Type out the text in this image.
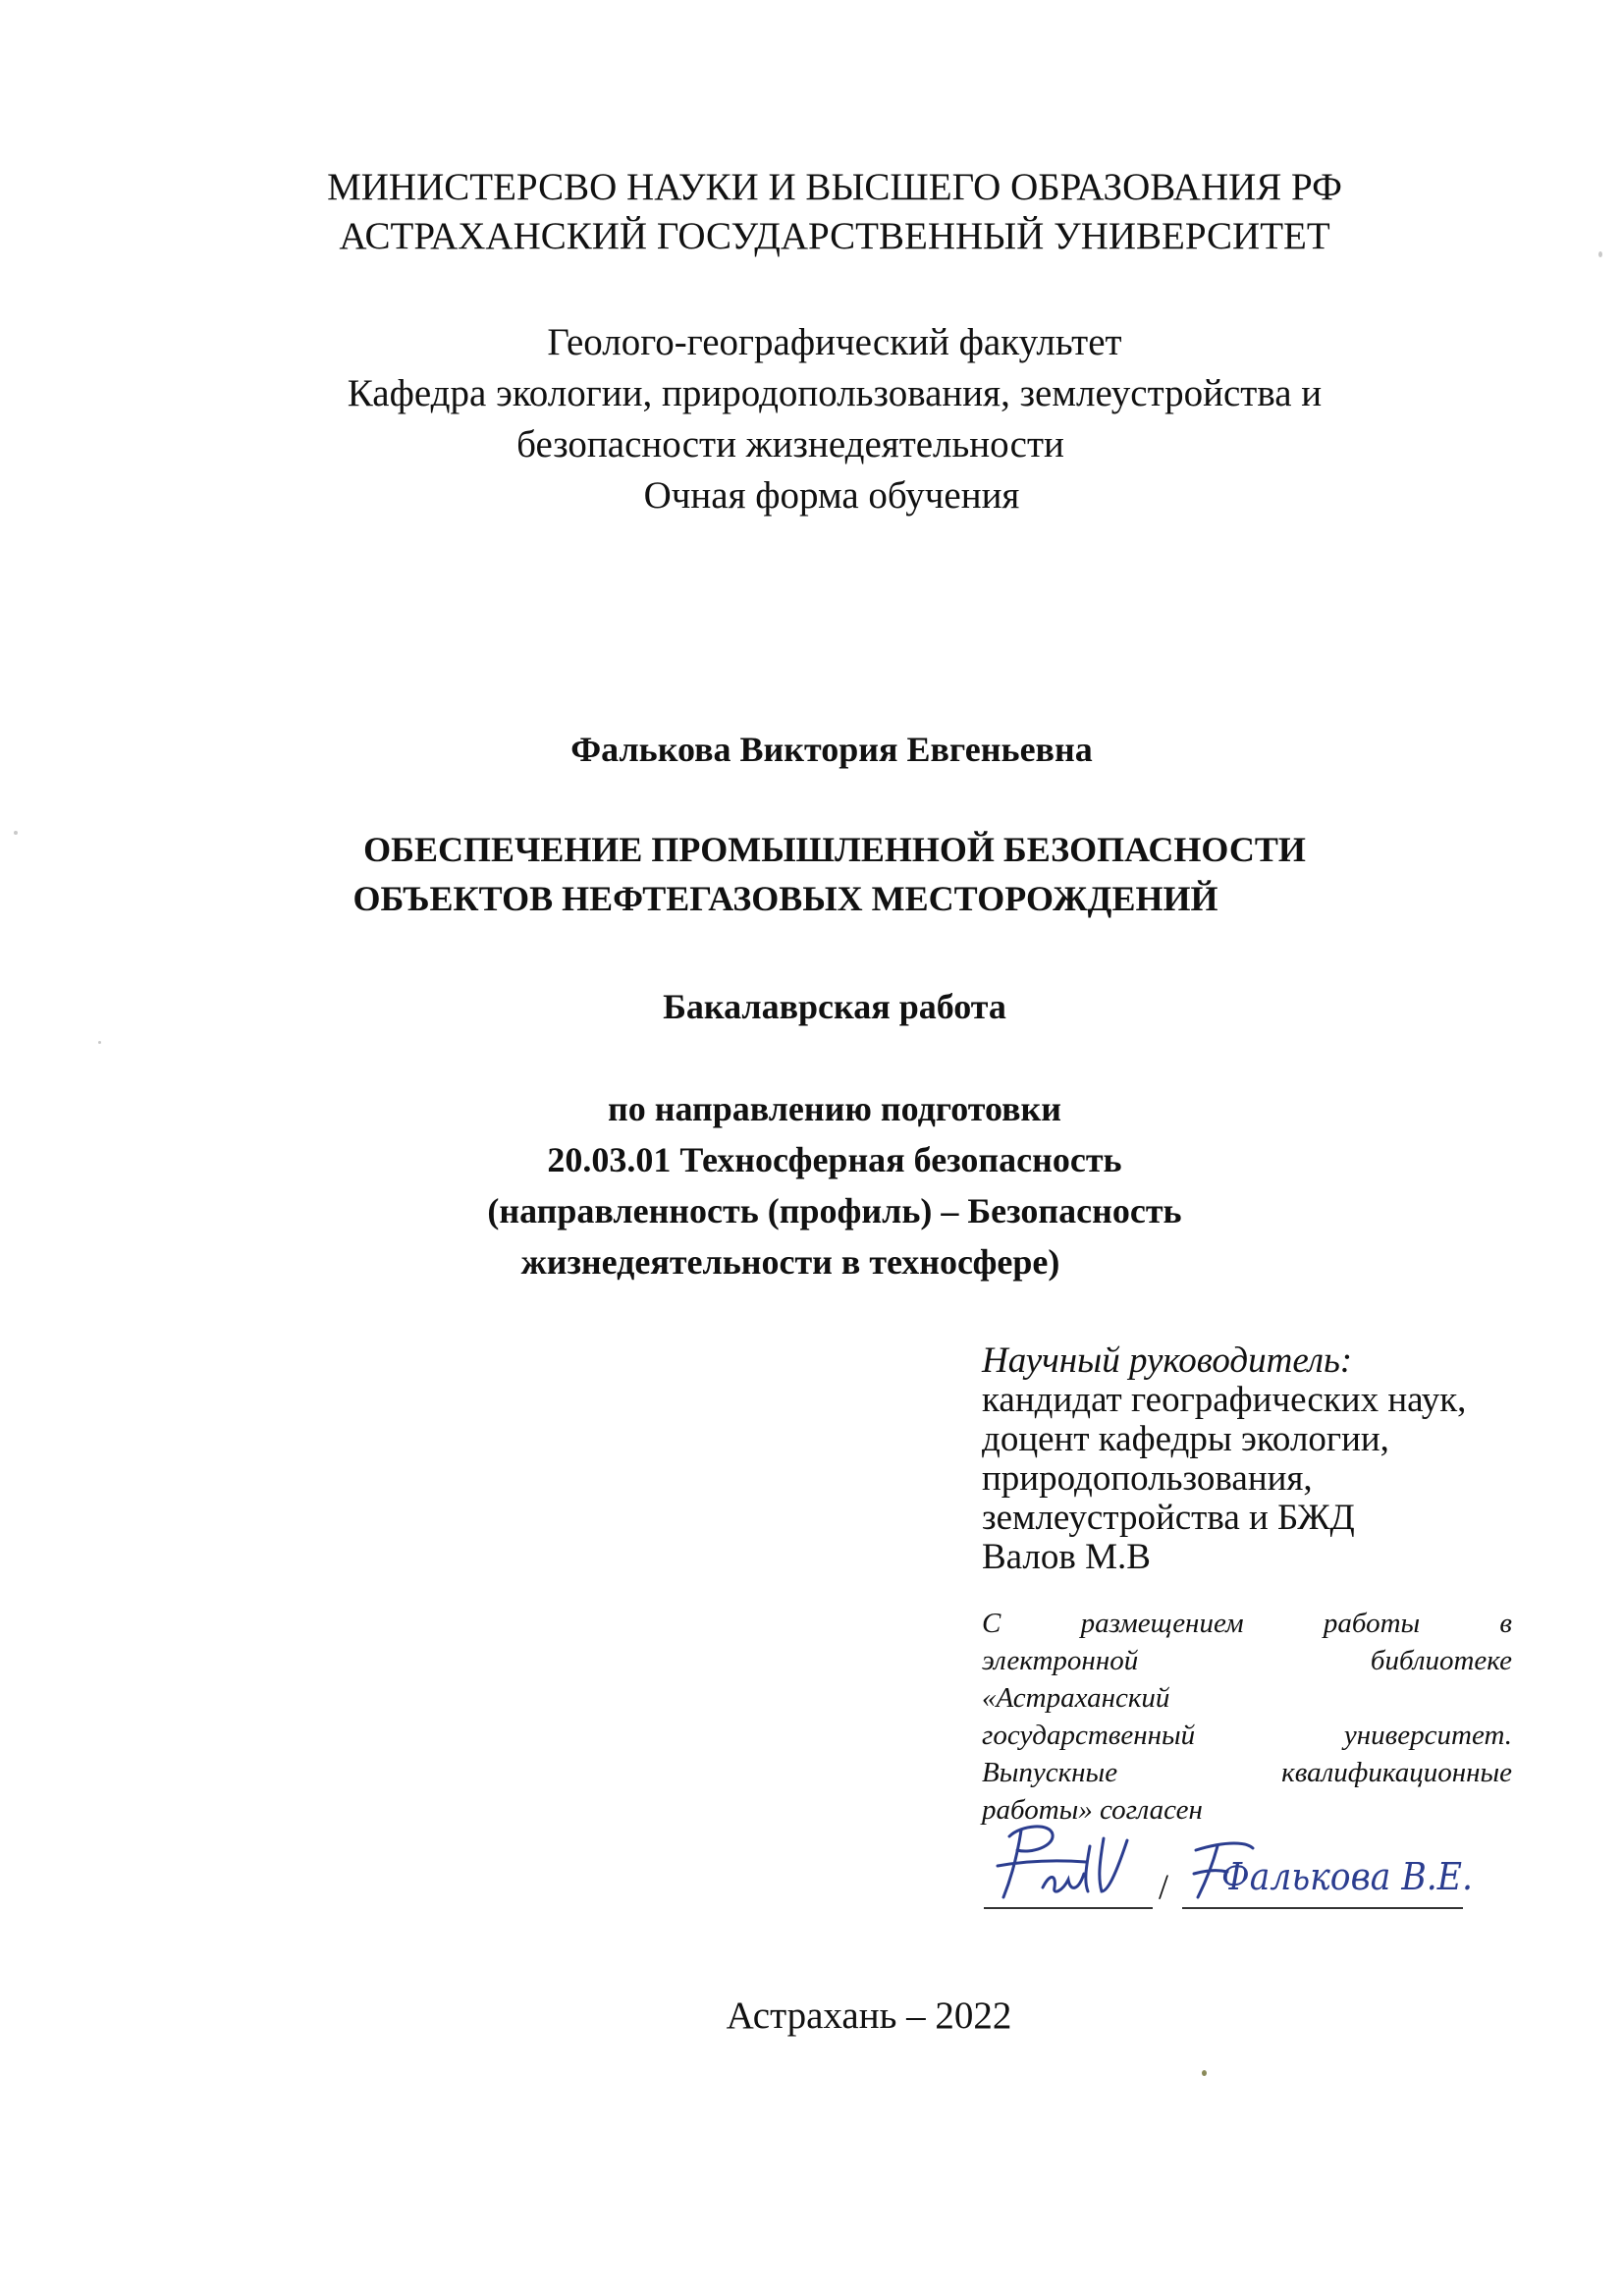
МИНИСТЕРСВО НАУКИ И ВЫСШЕГО ОБРАЗОВАНИЯ РФ
АСТРАХАНСКИЙ ГОСУДАРСТВЕННЫЙ УНИВЕРСИТЕТ
Геолого-географический факультет
Кафедра экологии, природопользования, землеустройства и
безопасности жизнедеятельности
Очная форма обучения
Фалькова Виктория Евгеньевна
ОБЕСПЕЧЕНИЕ ПРОМЫШЛЕННОЙ БЕЗОПАСНОСТИ
ОБЪЕКТОВ НЕФТЕГАЗОВЫХ МЕСТОРОЖДЕНИЙ
Бакалаврская работа
по направлению подготовки
20.03.01 Техносферная безопасность
(направленность (профиль) – Безопасность
жизнедеятельности в техносфере)
Научный руководитель:
кандидат географических наук,
доцент кафедры экологии,
природопользования,
землеустройства и БЖД
Валов М.В
С размещением работы в
электронной библиотеке
«Астраханский
государственный университет.
Выпускные квалификационные
работы» согласен
/ Фалькова В.Е.
Астрахань – 2022
